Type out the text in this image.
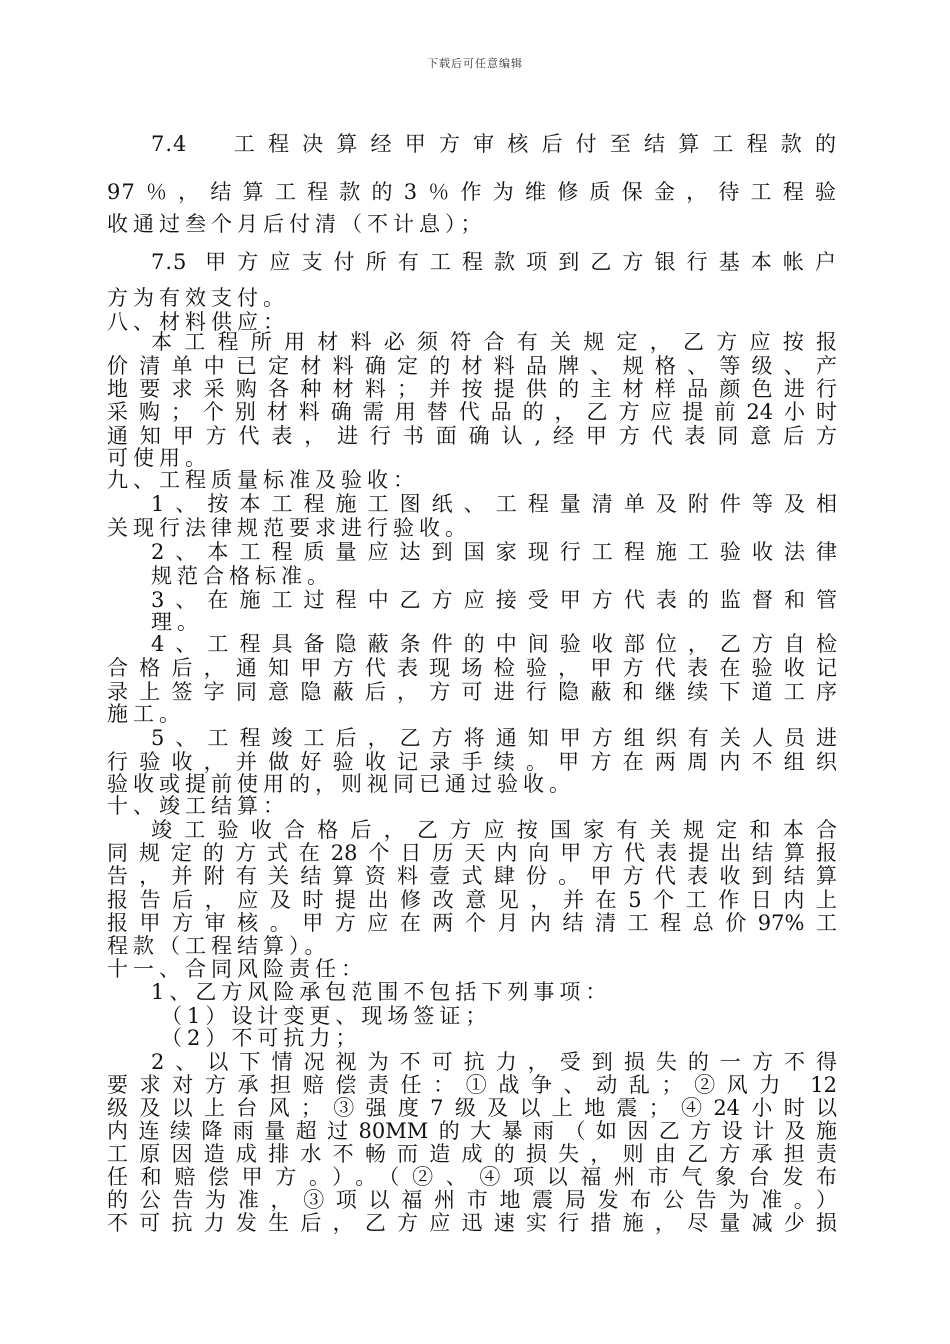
下载后可任意编辑
7.4　工程决算经甲方审核后付至结算工程款的
97％，结算工程款的3％作为维修质保金，待工程验
收通过叁个月后付清（不计息）；
7.5 甲方应支付所有工程款项到乙方银行基本帐户
方为有效支付。
八、材料供应：
本工程所用材料必须符合有关规定，乙方应按报
价清单中已定材料确定的材料品牌、规格、等级、产
地要求采购各种材料；并按提供的主材样品颜色进行
采购；个别材料确需用替代品的，乙方应提前24小时
通知甲方代表，进行书面确认,经甲方代表同意后方
可使用。
九、工程质量标准及验收：
1、按本工程施工图纸、工程量清单及附件等及相
关现行法律规范要求进行验收。
2、本工程质量应达到国家现行工程施工验收法律
规范合格标准。
3、在施工过程中乙方应接受甲方代表的监督和管
理。
4、工程具备隐蔽条件的中间验收部位，乙方自检
合格后，通知甲方代表现场检验，甲方代表在验收记
录上签字同意隐蔽后，方可进行隐蔽和继续下道工序
施工。
5、工程竣工后，乙方将通知甲方组织有关人员进
行验收，并做好验收记录手续。甲方在两周内不组织
验收或提前使用的，则视同已通过验收。
十、竣工结算：
竣工验收合格后，乙方应按国家有关规定和本合
同规定的方式在28个日历天内向甲方代表提出结算报
告，并附有关结算资料壹式肆份。甲方代表收到结算
报告后，应及时提出修改意见，并在5个工作日内上
报甲方审核。甲方应在两个月内结清工程总价97%工
程款（工程结算）。
十一、合同风险责任：
1、乙方风险承包范围不包括下列事项：
（1）设计变更、现场签证；
（2）不可抗力；
2、以下情况视为不可抗力，受到损失的一方不得
要求对方承担赔偿责任：①战争、动乱；②风力 12
级及以上台风；③强度7级及以上地震；④24小时以
内连续降雨量超过80MM的大暴雨（如因乙方设计及施
工原因造成排水不畅而造成的损失，则由乙方承担责
任和赔偿甲方。）。（②、④项以福州市气象台发布
的公告为准，③项以福州市地震局发布公告为准。）
不可抗力发生后，乙方应迅速实行措施，尽量减少损
